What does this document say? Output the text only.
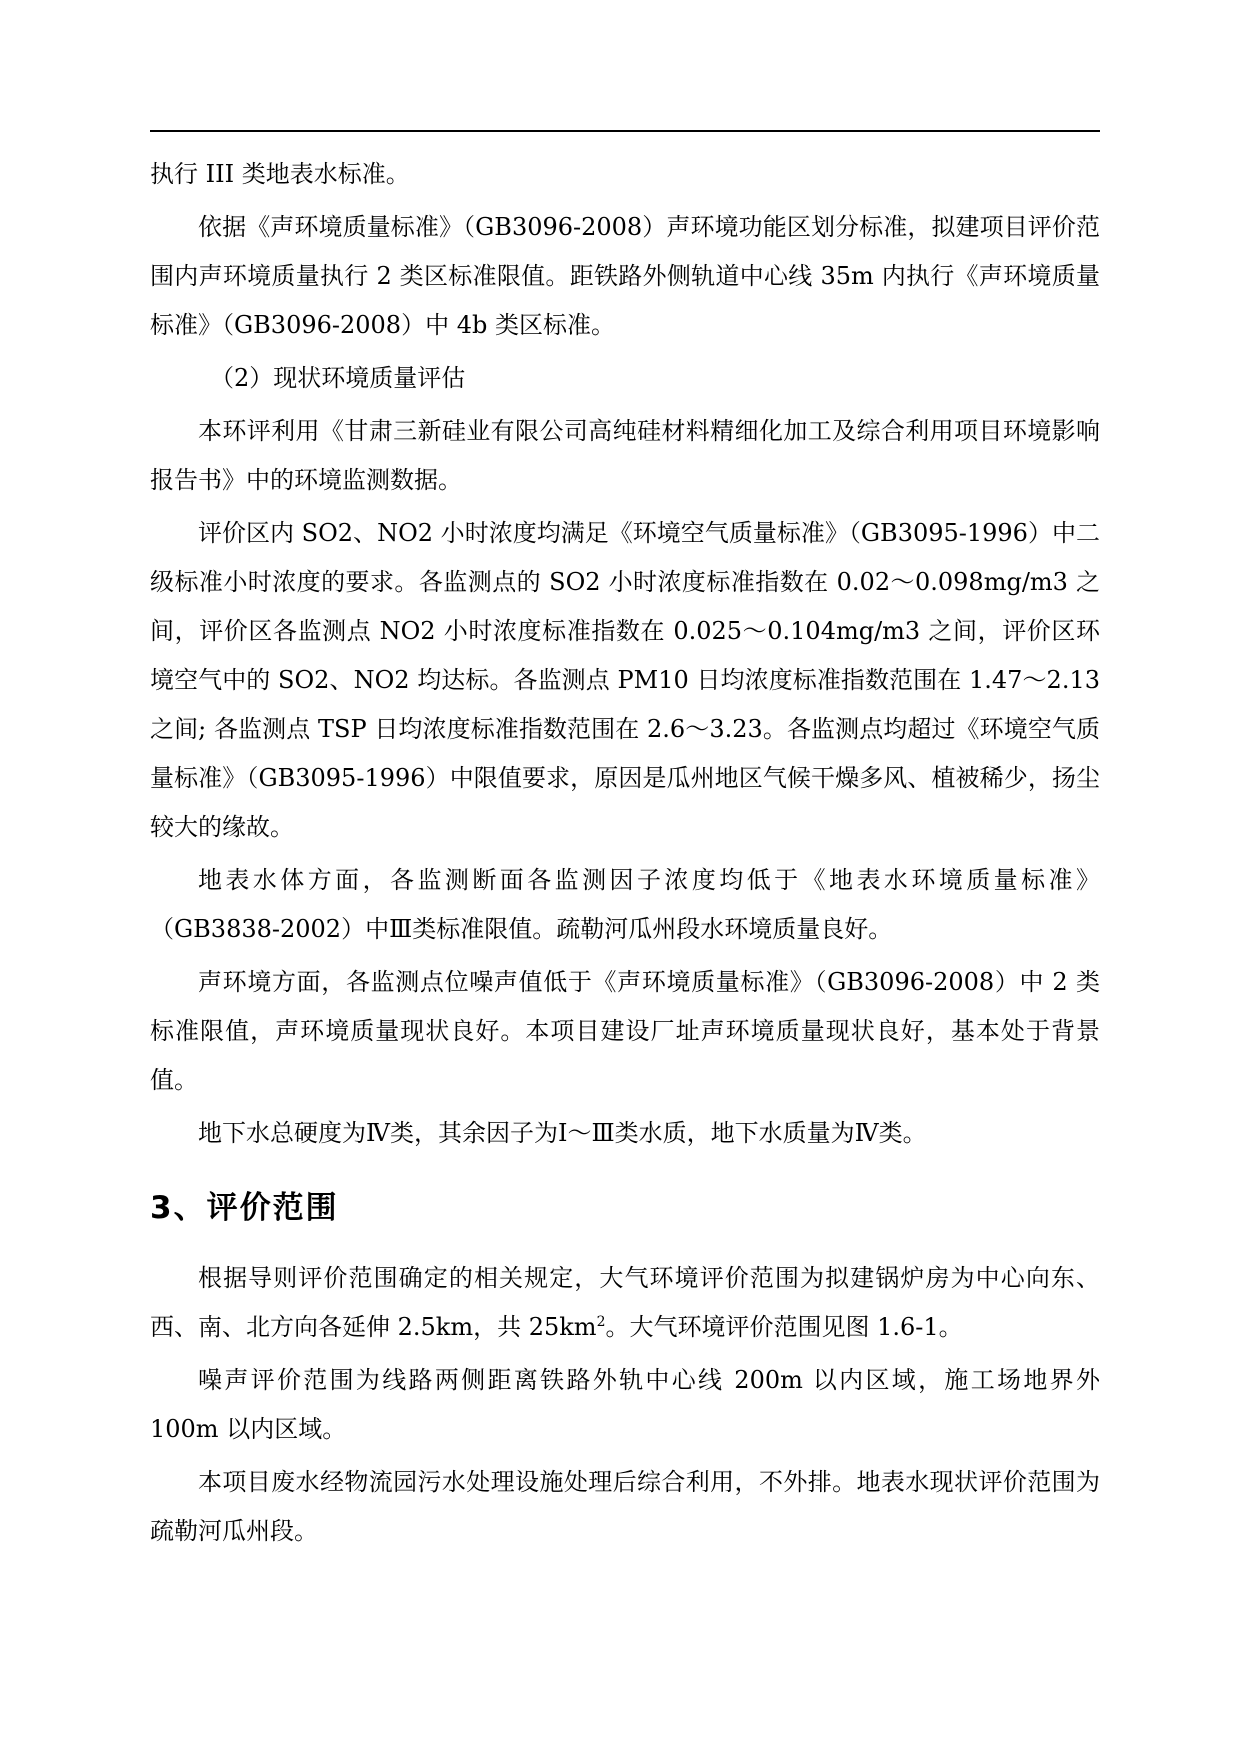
执行 III 类地表水标准。

依据《声环境质量标准》（GB3096-2008）声环境功能区划分标准，拟建项目评价范围内声环境质量执行 2 类区标准限值。距铁路外侧轨道中心线 35m 内执行《声环境质量标准》（GB3096-2008）中 4b 类区标准。

（2）现状环境质量评估

本环评利用《甘肃三新硅业有限公司高纯硅材料精细化加工及综合利用项目环境影响报告书》中的环境监测数据。

评价区内 SO2、NO2 小时浓度均满足《环境空气质量标准》（GB3095-1996）中二级标准小时浓度的要求。各监测点的 SO2 小时浓度标准指数在 0.02～0.098mg/m3 之间，评价区各监测点 NO2 小时浓度标准指数在 0.025～0.104mg/m3 之间，评价区环境空气中的 SO2、NO2 均达标。各监测点 PM10 日均浓度标准指数范围在 1.47～2.13 之间; 各监测点 TSP 日均浓度标准指数范围在 2.6～3.23。各监测点均超过《环境空气质量标准》（GB3095-1996）中限值要求，原因是瓜州地区气候干燥多风、植被稀少，扬尘较大的缘故。

地表水体方面，各监测断面各监测因子浓度均低于《地表水环境质量标准》（GB3838-2002）中Ⅲ类标准限值。疏勒河瓜州段水环境质量良好。

声环境方面，各监测点位噪声值低于《声环境质量标准》（GB3096-2008）中 2 类标准限值，声环境质量现状良好。本项目建设厂址声环境质量现状良好，基本处于背景值。

地下水总硬度为Ⅳ类，其余因子为Ⅰ～Ⅲ类水质，地下水质量为Ⅳ类。

3、评价范围

根据导则评价范围确定的相关规定，大气环境评价范围为拟建锅炉房为中心向东、西、南、北方向各延伸 2.5km，共 $25km^2$。大气环境评价范围见图 1.6-1。

噪声评价范围为线路两侧距离铁路外轨中心线 200m 以内区域，施工场地界外 100m 以内区域。

本项目废水经物流园污水处理设施处理后综合利用，不外排。地表水现状评价范围为疏勒河瓜州段。
